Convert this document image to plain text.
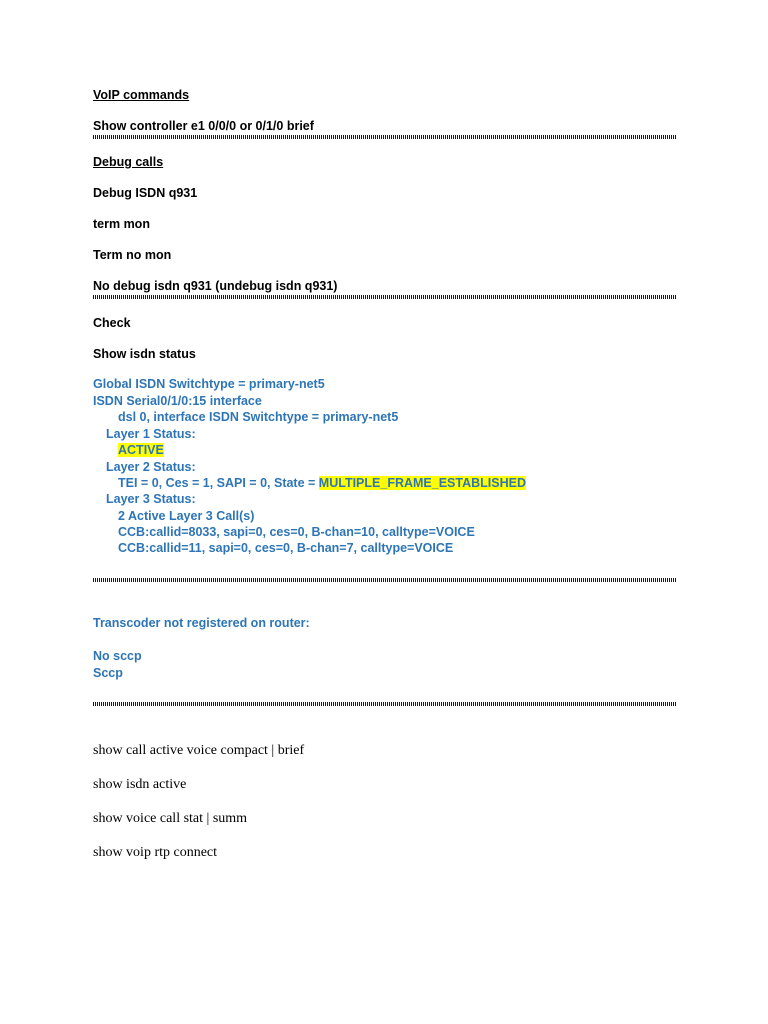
VoIP commands

Show controller e1 0/0/0 or 0/1/0 brief

Debug calls

Debug ISDN q931

term mon

Term no mon

No debug isdn q931 (undebug isdn q931)

Check

Show isdn status

Global ISDN Switchtype = primary-net5

ISDN Serial0/1/0:15 interface

dsl 0, interface ISDN Switchtype = primary-net5

Layer 1 Status:

ACTIVE

Layer 2 Status:

TEI = 0, Ces = 1, SAPI = 0, State = MULTIPLE_FRAME_ESTABLISHED

Layer 3 Status:

2 Active Layer 3 Call(s)

CCB:callid=8033, sapi=0, ces=0, B-chan=10, calltype=VOICE

CCB:callid=11, sapi=0, ces=0, B-chan=7, calltype=VOICE

Transcoder not registered on router:

No sccp

Sccp

show call active voice compact | brief

show isdn active

show voice call stat | summ

show voip rtp connect
